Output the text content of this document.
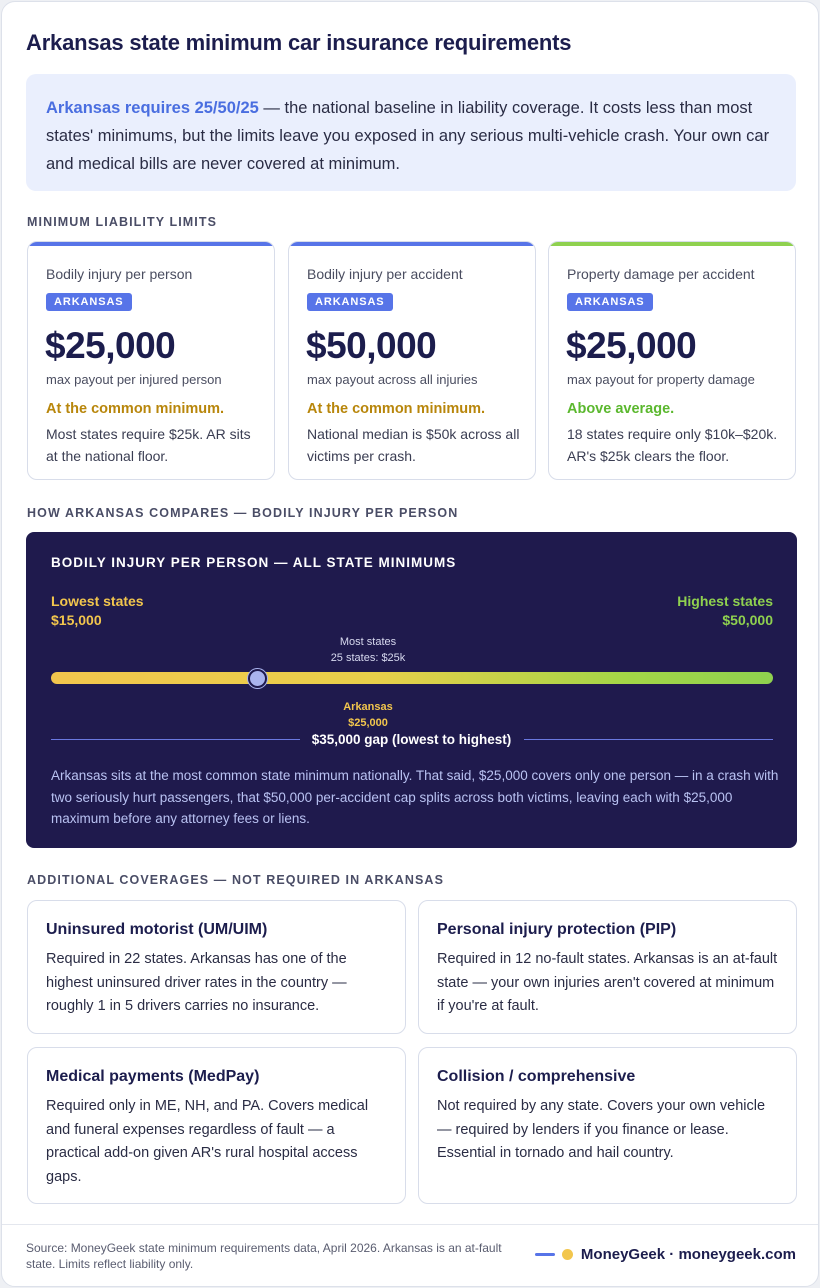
Arkansas state minimum car insurance requirements
Arkansas requires 25/50/25 — the national baseline in liability coverage. It costs less than most states' minimums, but the limits leave you exposed in any serious multi-vehicle crash. Your own car and medical bills are never covered at minimum.
MINIMUM LIABILITY LIMITS
Bodily injury per person
ARKANSAS
$25,000
max payout per injured person
At the common minimum.
Most states require $25k. AR sits at the national floor.
Bodily injury per accident
ARKANSAS
$50,000
max payout across all injuries
At the common minimum.
National median is $50k across all victims per crash.
Property damage per accident
ARKANSAS
$25,000
max payout for property damage
Above average.
18 states require only $10k–$20k. AR's $25k clears the floor.
HOW ARKANSAS COMPARES — BODILY INJURY PER PERSON
BODILY INJURY PER PERSON — ALL STATE MINIMUMS
Lowest states
$15,000
Highest states
$50,000
Most states
25 states: $25k
Arkansas
$25,000
$35,000 gap (lowest to highest)
Arkansas sits at the most common state minimum nationally. That said, $25,000 covers only one person — in a crash with two seriously hurt passengers, that $50,000 per-accident cap splits across both victims, leaving each with $25,000 maximum before any attorney fees or liens.
ADDITIONAL COVERAGES — NOT REQUIRED IN ARKANSAS
Uninsured motorist (UM/UIM)
Required in 22 states. Arkansas has one of the highest uninsured driver rates in the country — roughly 1 in 5 drivers carries no insurance.
Personal injury protection (PIP)
Required in 12 no-fault states. Arkansas is an at-fault state — your own injuries aren't covered at minimum if you're at fault.
Medical payments (MedPay)
Required only in ME, NH, and PA. Covers medical and funeral expenses regardless of fault — a practical add-on given AR's rural hospital access gaps.
Collision / comprehensive
Not required by any state. Covers your own vehicle — required by lenders if you finance or lease. Essential in tornado and hail country.
Source: MoneyGeek state minimum requirements data, April 2026. Arkansas is an at-fault state. Limits reflect liability only.
MoneyGeek · moneygeek.com
